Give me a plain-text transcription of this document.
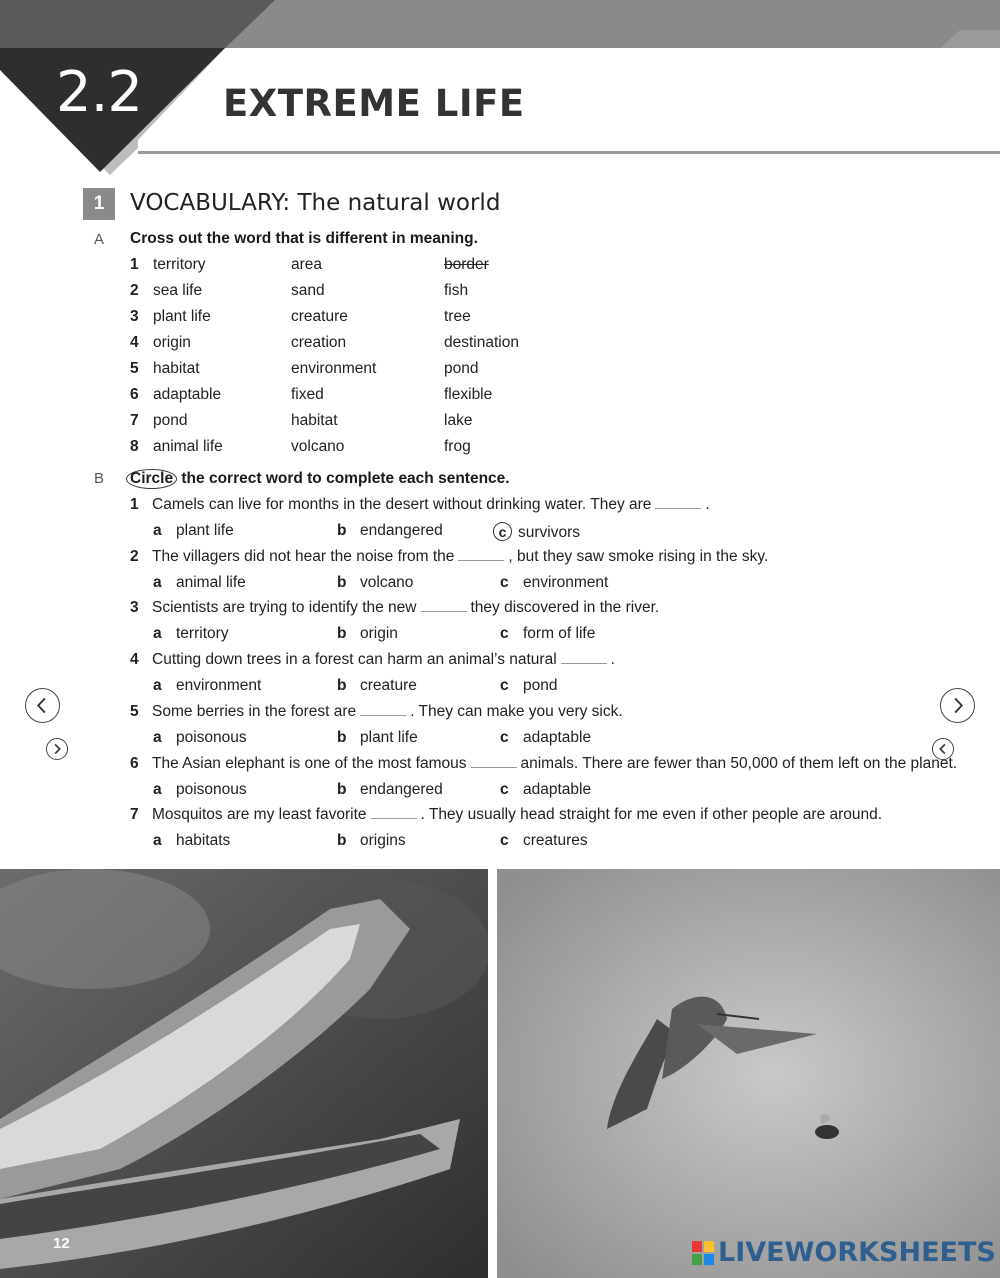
2.2 EXTREME LIFE
1	VOCABULARY: The natural world
A Cross out the word that is different in meaning.
1 territory	area	border
2 sea life	sand	fish
3 plant life	creature	tree
4 origin	creation	destination
5 habitat	environment	pond
6 adaptable	fixed	flexible
7 pond	habitat	lake
8 animal life	volcano	frog
B Circle the correct word to complete each sentence.
1 Camels can live for months in the desert without drinking water. They are	.
a plant life	b endangered	c survivors
2 The villagers did not hear the noise from the	, but they saw smoke rising in the sky.
a animal life	b volcano	c environment
3 Scientists are trying to identify the new	they discovered in the river.
a territory	b origin	c form of life
4 Cutting down trees in a forest can harm an animal’s natural	.
a environment	b creature	c pond
5 Some berries in the forest are	. They can make you very sick.
a poisonous	b plant life	c adaptable
6 The Asian elephant is one of the most famous	animals. There are fewer than 50,000 of them left on the planet.
a poisonous	b endangered	c adaptable
7 Mosquitos are my least favorite	. They usually head straight for me even if other people are around.
a habitats	b origins	c creatures
12	LIVEWORKSHEETS
